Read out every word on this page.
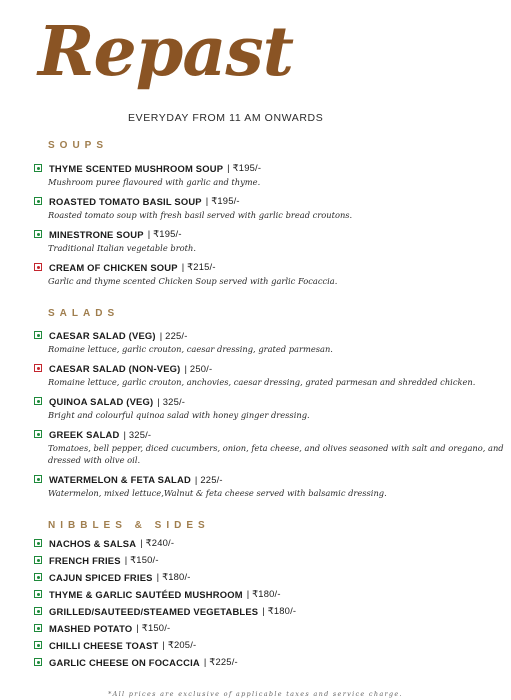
Repast
EVERYDAY FROM 11 AM ONWARDS
SOUPS
THYME SCENTED MUSHROOM SOUP | ₹195/-
Mushroom puree flavoured with garlic and thyme.
ROASTED TOMATO BASIL SOUP | ₹195/-
Roasted tomato soup with fresh basil served with garlic bread croutons.
MINESTRONE SOUP | ₹195/-
Traditional Italian vegetable broth.
CREAM OF CHICKEN SOUP | ₹215/-
Garlic and thyme scented Chicken Soup served with garlic Focaccia.
SALADS
CAESAR SALAD (VEG) | 225/-
Romaine lettuce, garlic crouton, caesar dressing, grated parmesan.
CAESAR SALAD (NON-VEG) | 250/-
Romaine lettuce, garlic crouton, anchovies, caesar dressing, grated parmesan and shredded chicken.
QUINOA SALAD (VEG) | 325/-
Bright and colourful quinoa salad with honey ginger dressing.
GREEK SALAD | 325/-
Tomatoes, bell pepper, diced cucumbers, onion, feta cheese, and olives seasoned with salt and oregano, and dressed with olive oil.
WATERMELON & FETA SALAD | 225/-
Watermelon, mixed lettuce,Walnut & feta cheese served with balsamic dressing.
NIBBLES & SIDES
NACHOS & SALSA | ₹240/-
FRENCH FRIES | ₹150/-
CAJUN SPICED FRIES | ₹180/-
THYME & GARLIC SAUTÉED MUSHROOM | ₹180/-
GRILLED/SAUTEED/STEAMED VEGETABLES | ₹180/-
MASHED POTATO | ₹150/-
CHILLI CHEESE TOAST | ₹205/-
GARLIC CHEESE ON FOCACCIA | ₹225/-
*All prices are exclusive of applicable taxes and service charge.
